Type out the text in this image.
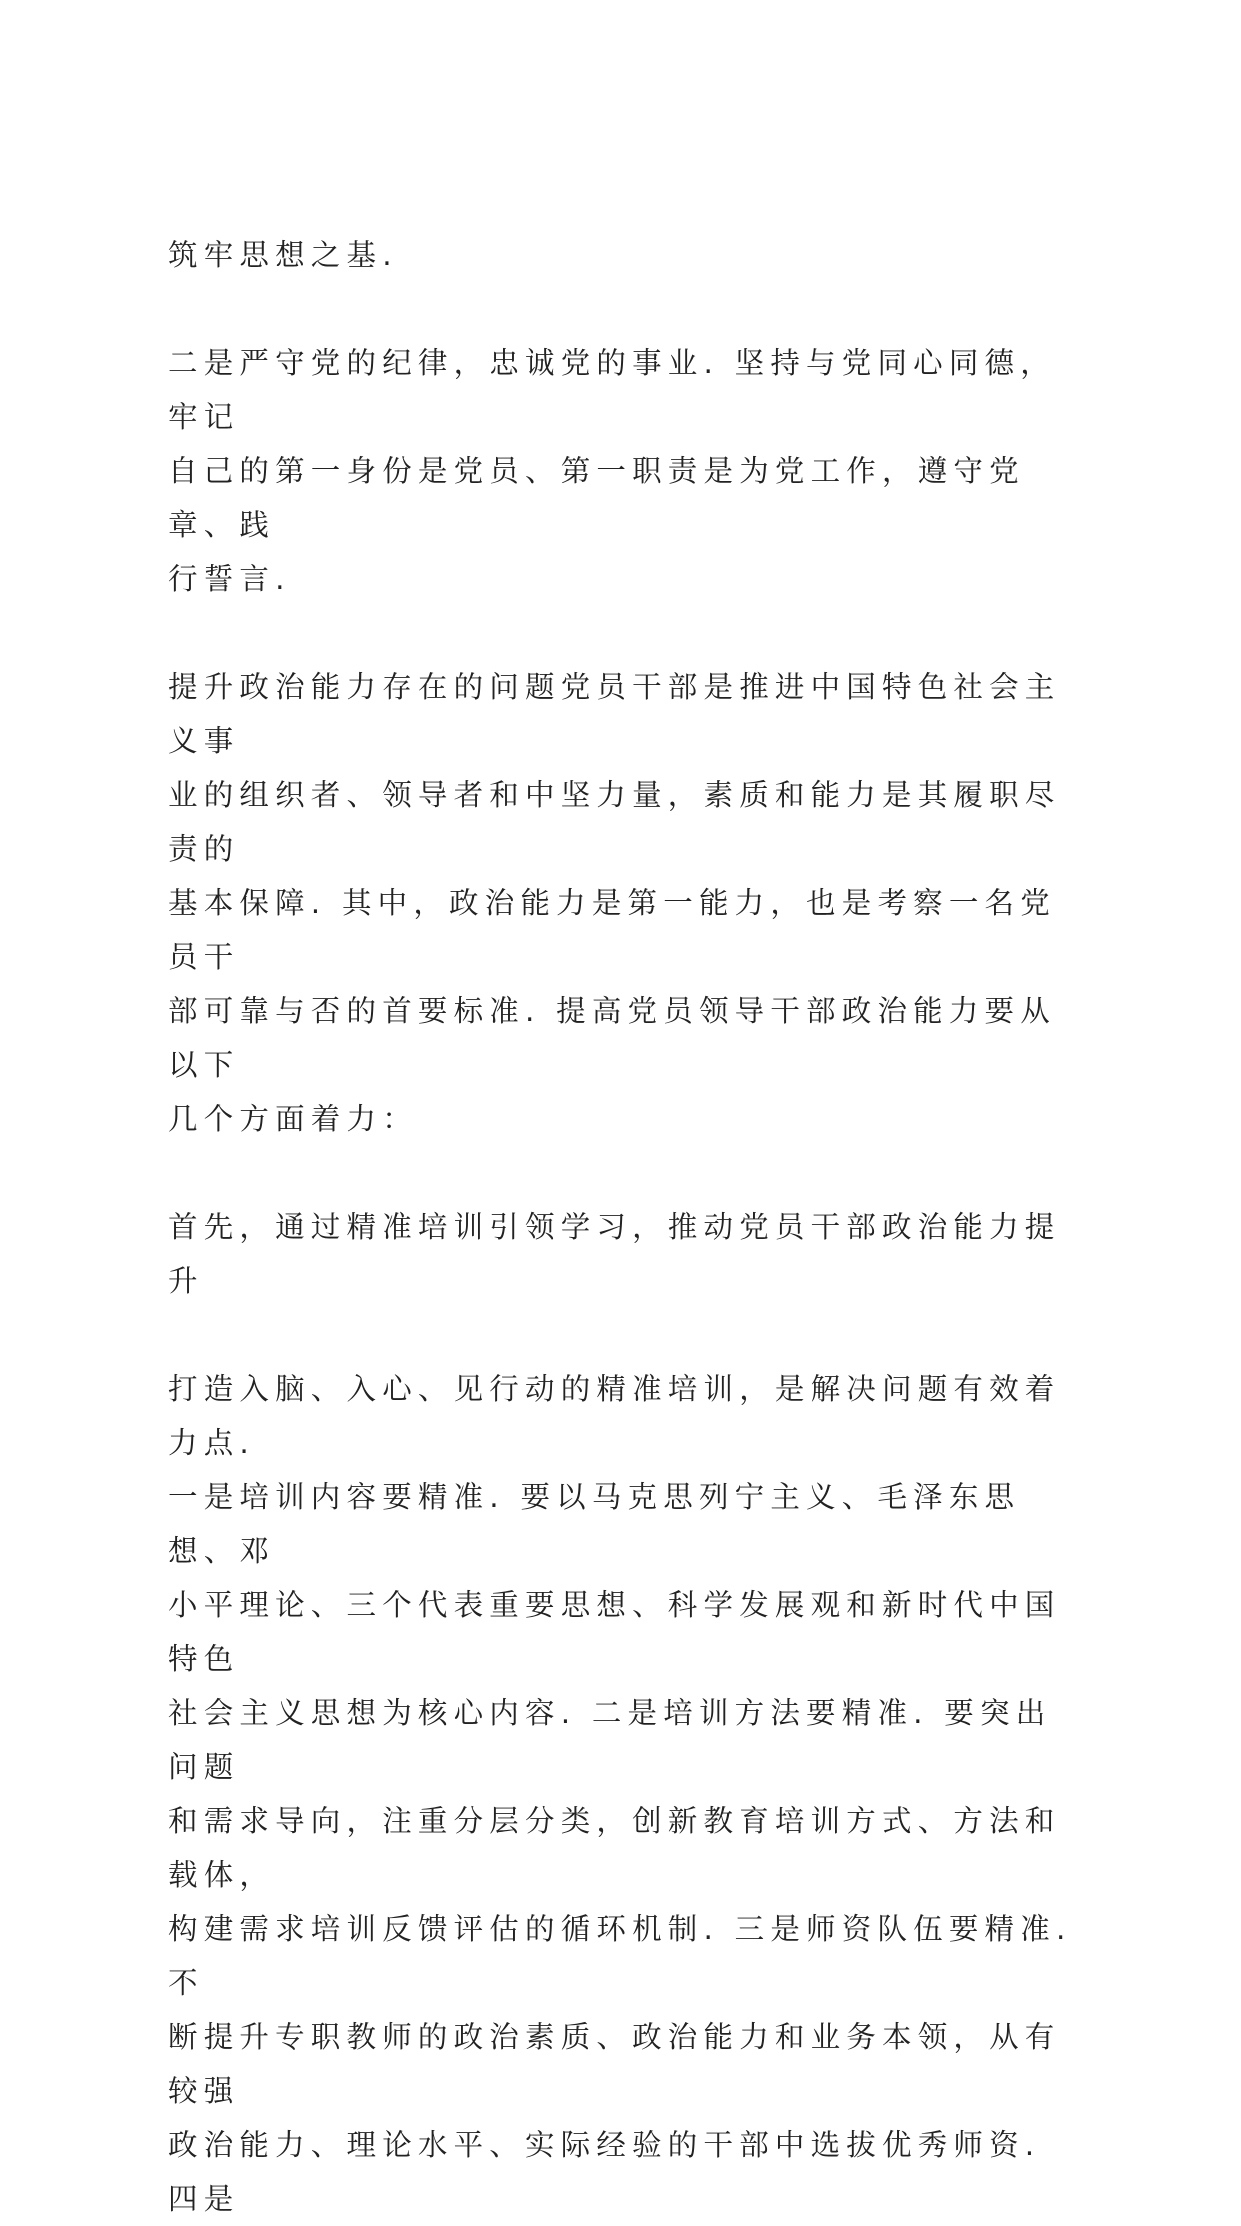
筑牢思想之基.

二是严守党的纪律，忠诚党的事业. 坚持与党同心同德，牢记
自己的第一身份是党员、第一职责是为党工作，遵守党章、践
行誓言.

提升政治能力存在的问题党员干部是推进中国特色社会主义事
业的组织者、领导者和中坚力量，素质和能力是其履职尽责的
基本保障. 其中，政治能力是第一能力，也是考察一名党员干
部可靠与否的首要标准. 提高党员领导干部政治能力要从以下
几个方面着力：

首先，通过精准培训引领学习，推动党员干部政治能力提升

打造入脑、入心、见行动的精准培训，是解决问题有效着力点.
一是培训内容要精准. 要以马克思列宁主义、毛泽东思想、邓
小平理论、三个代表重要思想、科学发展观和新时代中国特色
社会主义思想为核心内容. 二是培训方法要精准. 要突出问题
和需求导向，注重分层分类，创新教育培训方式、方法和载体，
构建需求培训反馈评估的循环机制. 三是师资队伍要精准. 不
断提升专职教师的政治素质、政治能力和业务本领，从有较强
政治能力、理论水平、实际经验的干部中选拔优秀师资. 四是
